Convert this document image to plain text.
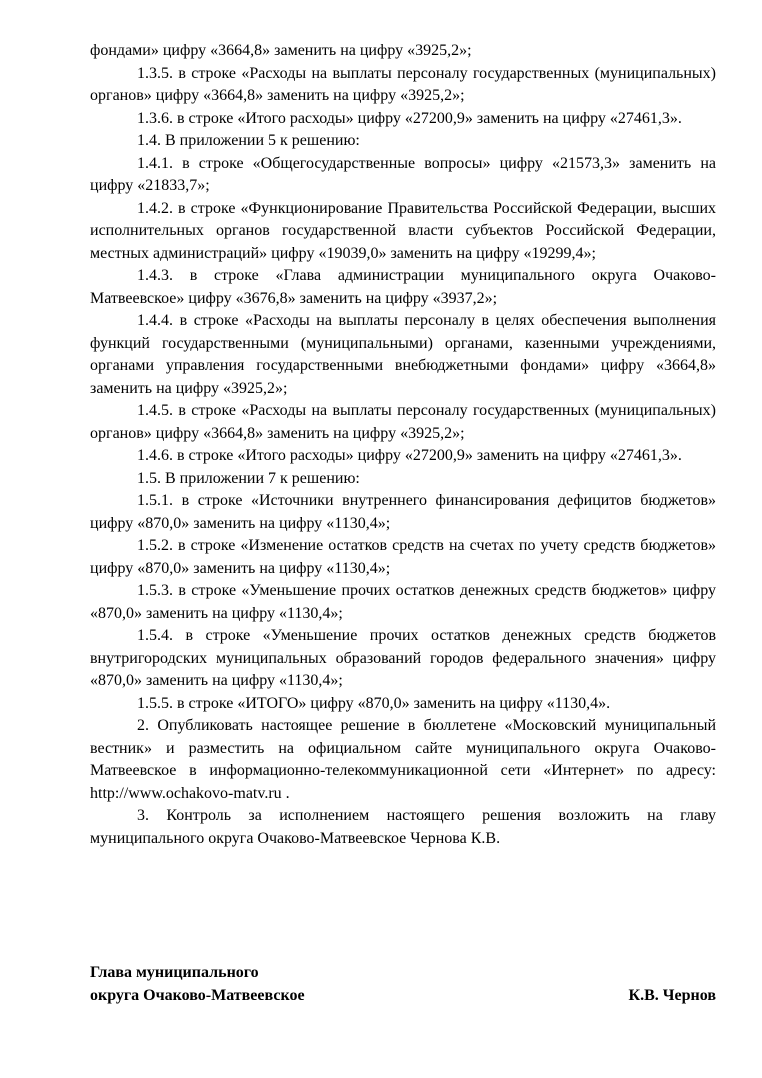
фондами» цифру «3664,8» заменить на цифру «3925,2»;

1.3.5. в строке «Расходы на выплаты персоналу государственных (муниципальных) органов» цифру «3664,8» заменить на цифру «3925,2»;

1.3.6. в строке «Итого расходы» цифру «27200,9» заменить на цифру «27461,3».

1.4. В приложении 5 к решению:

1.4.1. в строке «Общегосударственные вопросы» цифру «21573,3» заменить на цифру «21833,7»;

1.4.2. в строке «Функционирование Правительства Российской Федерации, высших исполнительных органов государственной власти субъектов Российской Федерации, местных администраций» цифру «19039,0» заменить на цифру «19299,4»;

1.4.3. в строке «Глава администрации муниципального округа Очаково-Матвеевское» цифру «3676,8» заменить на цифру «3937,2»;

1.4.4. в строке «Расходы на выплаты персоналу в целях обеспечения выполнения функций государственными (муниципальными) органами, казенными учреждениями, органами управления государственными внебюджетными фондами» цифру «3664,8» заменить на цифру «3925,2»;

1.4.5. в строке «Расходы на выплаты персоналу государственных (муниципальных) органов» цифру «3664,8» заменить на цифру «3925,2»;

1.4.6. в строке «Итого расходы» цифру «27200,9» заменить на цифру «27461,3».

1.5. В приложении 7 к решению:

1.5.1. в строке «Источники внутреннего финансирования дефицитов бюджетов» цифру «870,0» заменить на цифру «1130,4»;

1.5.2. в строке «Изменение остатков средств на счетах по учету средств бюджетов» цифру «870,0» заменить на цифру «1130,4»;

1.5.3. в строке «Уменьшение прочих остатков денежных средств бюджетов» цифру «870,0» заменить на цифру «1130,4»;

1.5.4. в строке «Уменьшение прочих остатков денежных средств бюджетов внутригородских муниципальных образований городов федерального значения» цифру «870,0» заменить на цифру «1130,4»;

1.5.5. в строке «ИТОГО» цифру «870,0» заменить на цифру «1130,4».

2. Опубликовать настоящее решение в бюллетене «Московский муниципальный вестник» и разместить на официальном сайте муниципального округа Очаково-Матвеевское в информационно-телекоммуникационной сети «Интернет» по адресу: http://www.ochakovo-matv.ru .

3. Контроль за исполнением настоящего решения возложить на главу муниципального округа Очаково-Матвеевское Чернова К.В.

Глава муниципального
округа Очаково-Матвеевское	К.В. Чернов
